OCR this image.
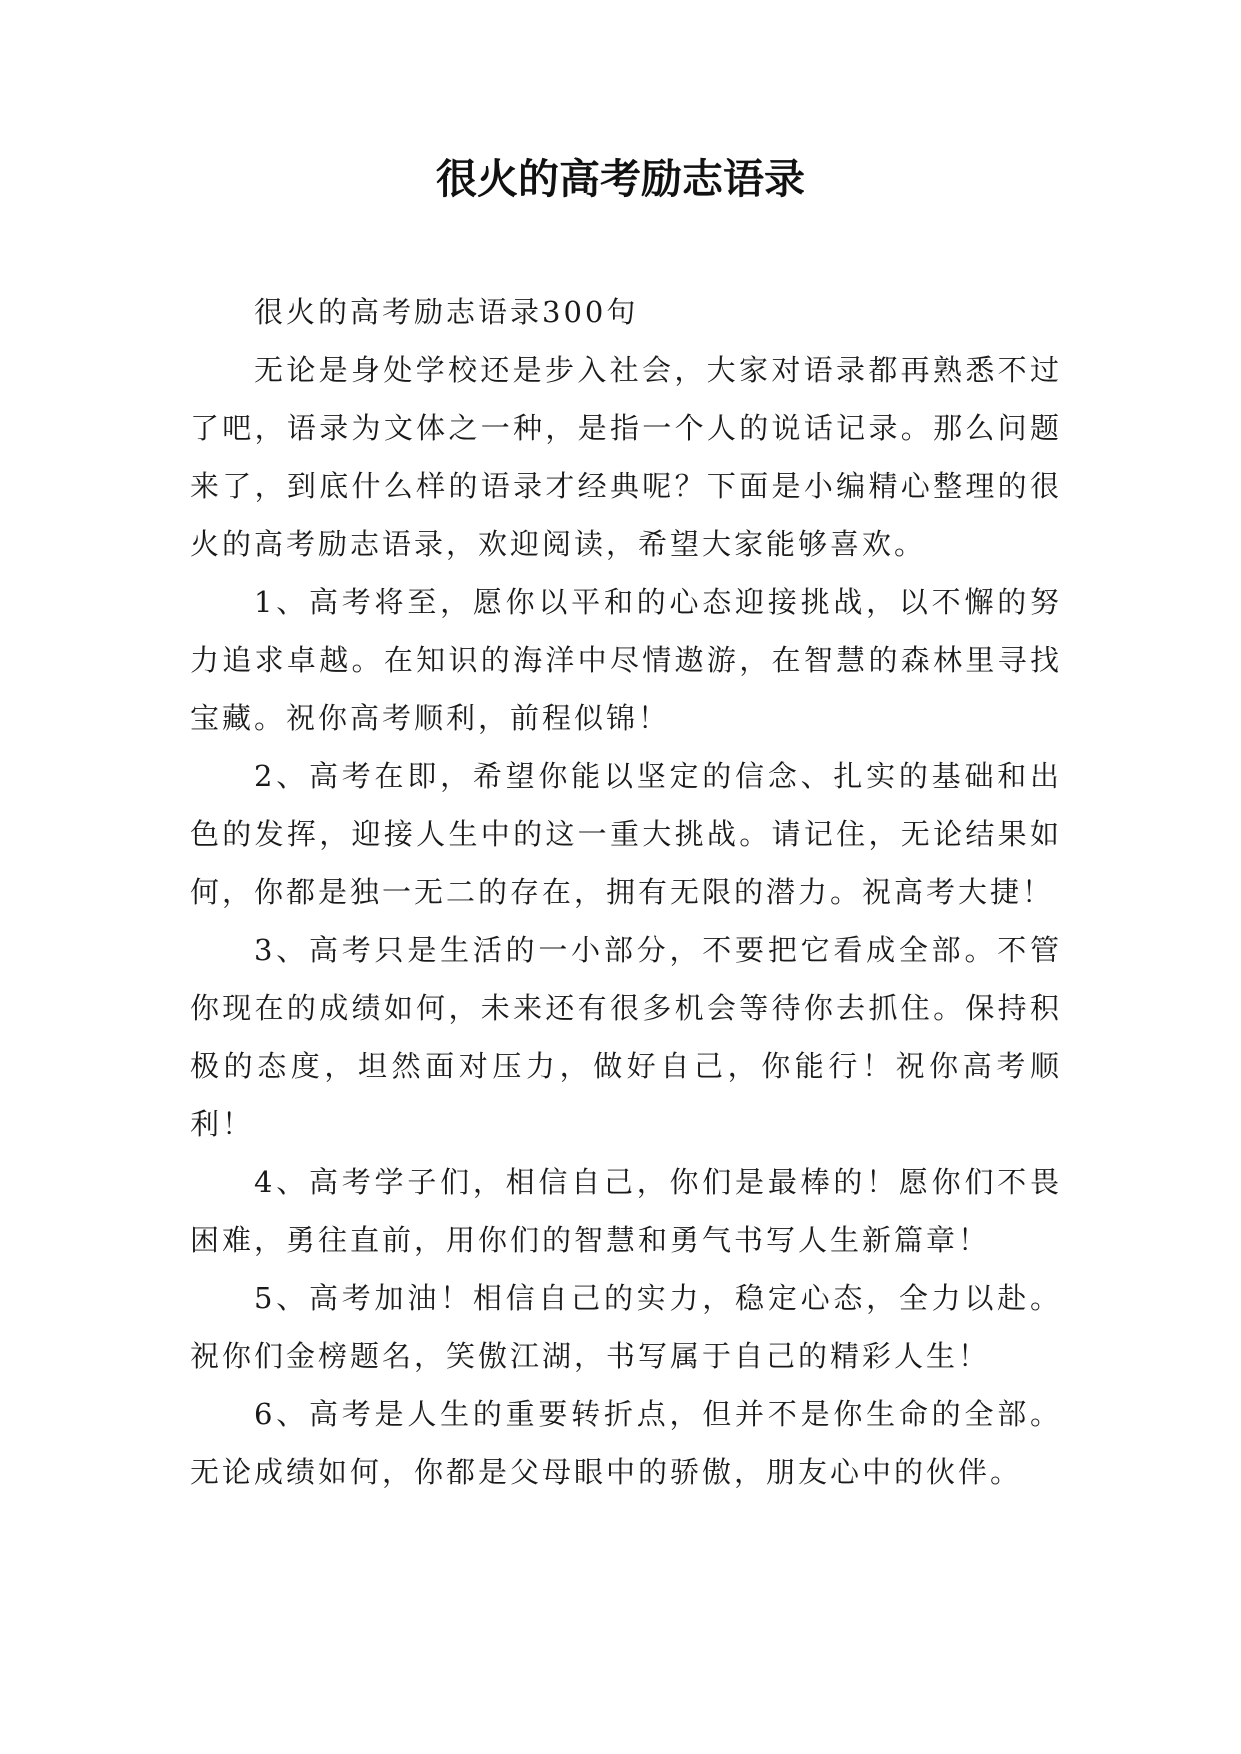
很火的高考励志语录

很火的高考励志语录300句

无论是身处学校还是步入社会，大家对语录都再熟悉不过了吧，语录为文体之一种，是指一个人的说话记录。那么问题来了，到底什么样的语录才经典呢？下面是小编精心整理的很火的高考励志语录，欢迎阅读，希望大家能够喜欢。

1、高考将至，愿你以平和的心态迎接挑战，以不懈的努力追求卓越。在知识的海洋中尽情遨游，在智慧的森林里寻找宝藏。祝你高考顺利，前程似锦！

2、高考在即，希望你能以坚定的信念、扎实的基础和出色的发挥，迎接人生中的这一重大挑战。请记住，无论结果如何，你都是独一无二的存在，拥有无限的潜力。祝高考大捷！

3、高考只是生活的一小部分，不要把它看成全部。不管你现在的成绩如何，未来还有很多机会等待你去抓住。保持积极的态度，坦然面对压力，做好自己，你能行！祝你高考顺利！

4、高考学子们，相信自己，你们是最棒的！愿你们不畏困难，勇往直前，用你们的智慧和勇气书写人生新篇章！

5、高考加油！相信自己的实力，稳定心态，全力以赴。祝你们金榜题名，笑傲江湖，书写属于自己的精彩人生！

6、高考是人生的重要转折点，但并不是你生命的全部。无论成绩如何，你都是父母眼中的骄傲，朋友心中的伙伴。
